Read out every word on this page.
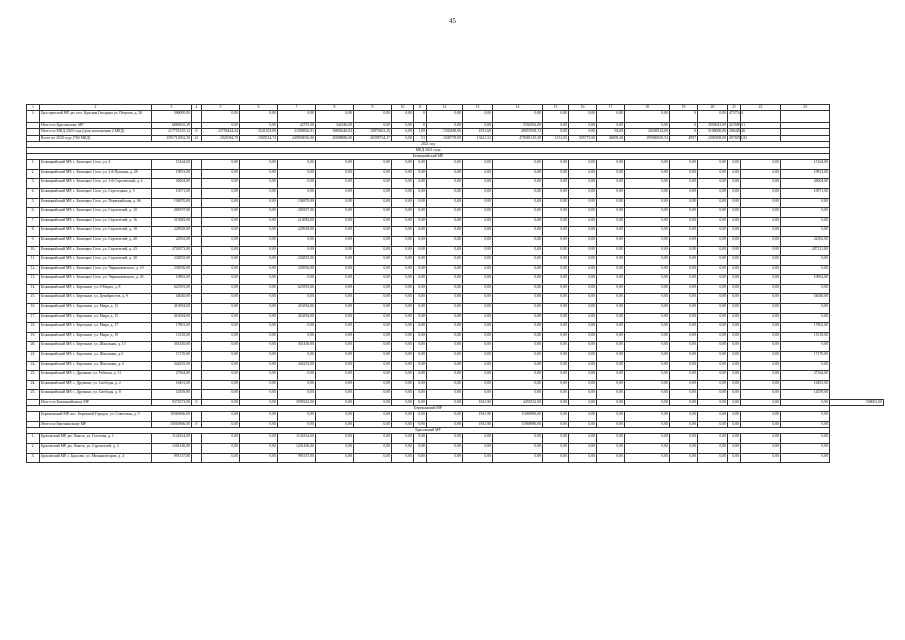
45
1	2	3	4	5	6	7	8	9	10	11	12	13	14	15	16	17	18	19	20	21	22	23	
3.	Бросщевский МР, рп. пос. Красная Гвоздика ул. Петрова, д. 20	386000,00		0,00	0,00	0,00	0,00	0,00	0,00	0	0,00	0,00	0,00	0,00	0,00	0,00	0,00	0	0,00	47575,01			
	Итого по Брасовскому МР	6869635,39		0,00	0,00	42791,00	342346,00	0,00	0,00	0	0,00	0,00	5592562,00	0,00	0,00	0,00	0,00	0	3058043,09	423580,51			
	Итого по МКД 2020 года (срок исполнения 2 МКД)	217755155,12	0	23756444,44	3541103,69	21009826,91	10803646,04	10873601,25	0,00	1,09	1505488,06	1931,60	49057838,73	0,00	0,00	94,00	26508124,60	0	5108000,00	296449,46			
	Всего по 2020 году (760 МКД)	1591712902,50	21	2021084,79	1945524,73	249850056,00	45698886,00	26598734,17	0,00	51	1049778,09	13421,52	478581310,39	1151,65	505775,00	36009,40	199086505,53	4997	2209308,69	4978293,82			
2021 год																							
МКД 2021 года																							
Бежицкийский МР																							
1.	Бежицкийский МР, с. Бежецкое Село, ул. 4	15164,00		0,00	0,00	0,00	0,00	0,00	0,00	0,00	0,00	0,00	0,00	0,00	0,00	0,00	0,00	0,00	0,00	0,00	0,00	15164,00	
2.	Бежицкийский МР, с. Бежецкое Село, ул. 2-й Пушкин, д. 28	19813,00		0,00	0,00	0,00	0,00	0,00	0,00	0,00	0,00	0,00	0,00	0,00	0,00	0,00	0,00	0,00	0,00	0,00	0,00	19813,00	
3.	Бежицкийский МР, с. Бежецкое Село, ул. 1-й Сергеевский, д. 4	26004,00		0,00	0,00	0,00	0,00	0,00	0,00	0,00	0,00	0,00	0,00	0,00	0,00	0,00	0,00	0,00	0,00	0,00	0,00	26004,00	
4.	Бежицкийский МР, с. Бежецкое Село, ул. Стрелецкая, д. 5	10571,00		0,00	0,00	0,00	0,00	0,00	0,00	0,00	0,00	0,00	0,00	0,00	0,00	0,00	0,00	0,00	0,00	0,00	0,00	10571,00	
5.	Бежицкийский МР, с. Бежецкое Село, ул. Первомайская, д. 66	194870,00		0,00	0,00	194870,00	0,00	0,00	0,00	0,00	0,00	0,00	0,00	0,00	0,00	0,00	0,00	0,00	0,00	0,00	0,00	0,00	
6.	Бежицкийский МР, с. Бежецкое Село, ул. Строителей, д. 10	208197,00		0,00	0,00	208197,00	0,00	0,00	0,00	0,00	0,00	0,00	0,00	0,00	0,00	0,00	0,00	0,00	0,00	0,00	0,00	0,00	
7.	Бежицкийский МР, с. Бежецкое Село, ул. Строителей, д. 16	213082,00		0,00	0,00	213082,00	0,00	0,00	0,00	0,00	0,00	0,00	0,00	0,00	0,00	0,00	0,00	0,00	0,00	0,00	0,00	0,00	
8.	Бежицкийский МР, с. Бежецкое Село, ул. Строителей, д. 18	229928,00		0,00	0,00	229928,00	0,00	0,00	0,00	0,00	0,00	0,00	0,00	0,00	0,00	0,00	0,00	0,00	0,00	0,00	0,00	0,00	
9.	Бежицкийский МР, с. Бежецкое Село, ул. Строителей, д. 20	22563,00		0,00	0,00	0,00	0,00	0,00	0,00	0,00	0,00	0,00	0,00	0,00	0,00	0,00	0,00	0,00	0,00	0,00	0,00	22563,00	
10.	Бежицкийский МР, с. Бежецкое Село, ул. Строителей, д. 43	4726573,00		0,00	0,00	0,00	0,00	0,00	0,00	0,00	0,00	0,00	0,00	0,00	0,00	0,00	0,00	0,00	0,00	0,00	0,00	287121,00	
11.	Бежицкийский МР, с. Бежецкое Село, ул. Строителей, д. 30	234835,00		0,00	0,00	234835,00	0,00	0,00	0,00	0,00	0,00	0,00	0,00	0,00	0,00	0,00	0,00	0,00	0,00	0,00	0,00	0,00	
12.	Бежицкийский МР, с. Бежецкое Село, ул. Чернышевского, д. 10	238556,00		0,00	0,00	238556,00	0,00	0,00	0,00	0,00	0,00	0,00	0,00	0,00	0,00	0,00	0,00	0,00	0,00	0,00	0,00	0,00	
13.	Бежицкийский МР, с. Бежецкое Село, ул. Чернышевского, д. 45	10902,00		0,00	0,00	0,00	0,00	0,00	0,00	0,00	0,00	0,00	0,00	0,00	0,00	0,00	0,00	0,00	0,00	0,00	0,00	10902,00	
14.	Бежицкийский МР, с. Бережное, ул. 8 Марта, д. 8	625593,00		0,00	0,00	625593,00	0,00	0,00	0,00	0,00	0,00	0,00	0,00	0,00	0,00	0,00	0,00	0,00	0,00	0,00	0,00	0,00	
15.	Бежицкийский МР, с. Бережное, ул. Декабристов, д. 9	54040,00		0,00	0,00	0,00	0,00	0,00	0,00	0,00	0,00	0,00	0,00	0,00	0,00	0,00	0,00	0,00	0,00	0,00	0,00	54040,00	
16.	Бежицкийский МР, с. Бережное, ул. Мира, д. 13	416594,00		0,00	0,00	416594,00	0,00	0,00	0,00	0,00	0,00	0,00	0,00	0,00	0,00	0,00	0,00	0,00	0,00	0,00	0,00	0,00	
17.	Бежицкийский МР, с. Бережное, ул. Мира, д. 15	416594,00		0,00	0,00	416594,00	0,00	0,00	0,00	0,00	0,00	0,00	0,00	0,00	0,00	0,00	0,00	0,00	0,00	0,00	0,00	0,00	
18.	Бежицкийский МР, с. Бережное, ул. Мира, д. 17	17801,00		0,00	0,00	0,00	0,00	0,00	0,00	0,00	0,00	0,00	0,00	0,00	0,00	0,00	0,00	0,00	0,00	0,00	0,00	17801,00	
19.	Бежицкийский МР, с. Бережное, ул. Мира, д. 19	15118,00		0,00	0,00	0,00	0,00	0,00	0,00	0,00	0,00	0,00	0,00	0,00	0,00	0,00	0,00	0,00	0,00	0,00	0,00	15118,00	
20.	Бежицкийский МР, с. Бережное, ул. Школьная, д. 13	301430,00		0,00	0,00	301430,00	0,00	0,00	0,00	0,00	0,00	0,00	0,00	0,00	0,00	0,00	0,00	0,00	0,00	0,00	0,00	0,00	
21.	Бежицкийский МР, с. Бережное, ул. Школьная, д.3	17170,00		0,00	0,00	0,00	0,00	0,00	0,00	0,00	0,00	0,00	0,00	0,00	0,00	0,00	0,00	0,00	0,00	0,00	0,00	17170,00	
22.	Бежицкийский МР, с. Бережное, ул. Школьная, д. 4	344255,00		0,00	0,00	344255,00	0,00	0,00	0,00	0,00	0,00	0,00	0,00	0,00	0,00	0,00	0,00	0,00	0,00	0,00	0,00	0,00	
23.	Бежицкийский МР, с. Дружино, ул. Рабочая, д. 11	27364,00		0,00	0,00	0,00	0,00	0,00	0,00	0,00	0,00	0,00	0,00	0,00	0,00	0,00	0,00	0,00	0,00	0,00	0,00	27364,00	
24.	Бежицкийский МР, с. Дружино, ул. Свободы, д. 2	16491,00		0,00	0,00	0,00	0,00	0,00	0,00	0,00	0,00	0,00	0,00	0,00	0,00	0,00	0,00	0,00	0,00	0,00	0,00	16491,00	
25.	Бежицкийский МР, с. Дружино, ул. Свободы, д. 8	14559,00		0,00	0,00	0,00	0,00	0,00	0,00	0,00	0,00	0,00	0,00	0,00	0,00	0,00	0,00	0,00	0,00	0,00	0,00	14559,00	
	Итого по Бежицкийскому МР	9374573,00	0	0,00	0,00	3599242,00	0,00	0,00	0,00	0,00	0,00	1041,90	4455532,00	0,00	0,00	0,00	0,00	0,00	0,00	0,00	0,00	0,00	538001,00
Бережанский МР																							
	Бережанский МР, пос. Бережной Городок, ул. Советская, д. 5	10563966,00		0,00	0,00	0,00	0,00	0,00	0,00	0,00	0,00	1941,90	11069986,00	0,00	0,00	0,00	0,00	0,00	0,00	0,00	0,00	0,00	
	Итого по Бережанскому МР	10563966,00	0	0,00	0,00	0,00	0,00	0,00	0,00	0,00	0,00	1941,90	11069986,00	0,00	0,00	0,00	0,00	0,00	0,00	0,00	0,00	0,00	
Брасовский МР																							
1.	Брасовский МР, рп. Локоть, ул. Гоголева, д. 1	1141814,00		0,00	0,00	1141814,00	0,00	0,00	0,00	0,00	0,00	0,00	0,00	0,00	0,00	0,00	0,00	0,00	0,00	0,00	0,00	0,00	
2.	Брасовский МР, рп. Локоть, ул. Строителей, д. 3	1201436,00		0,00	0,00	1201436,00	0,00	0,00	0,00	0,00	0,00	0,00	0,00	0,00	0,00	0,00	0,00	0,00	0,00	0,00	0,00	0,00	
3.	Брасовский МР, с. Брасово, ул. Механизаторов, д. 4	991537,00		0,00	0,00	991537,00	0,00	0,00	0,00	0,00	0,00	0,00	0,00	0,00	0,00	0,00	0,00	0,00	0,00	0,00	0,00	0,00	
